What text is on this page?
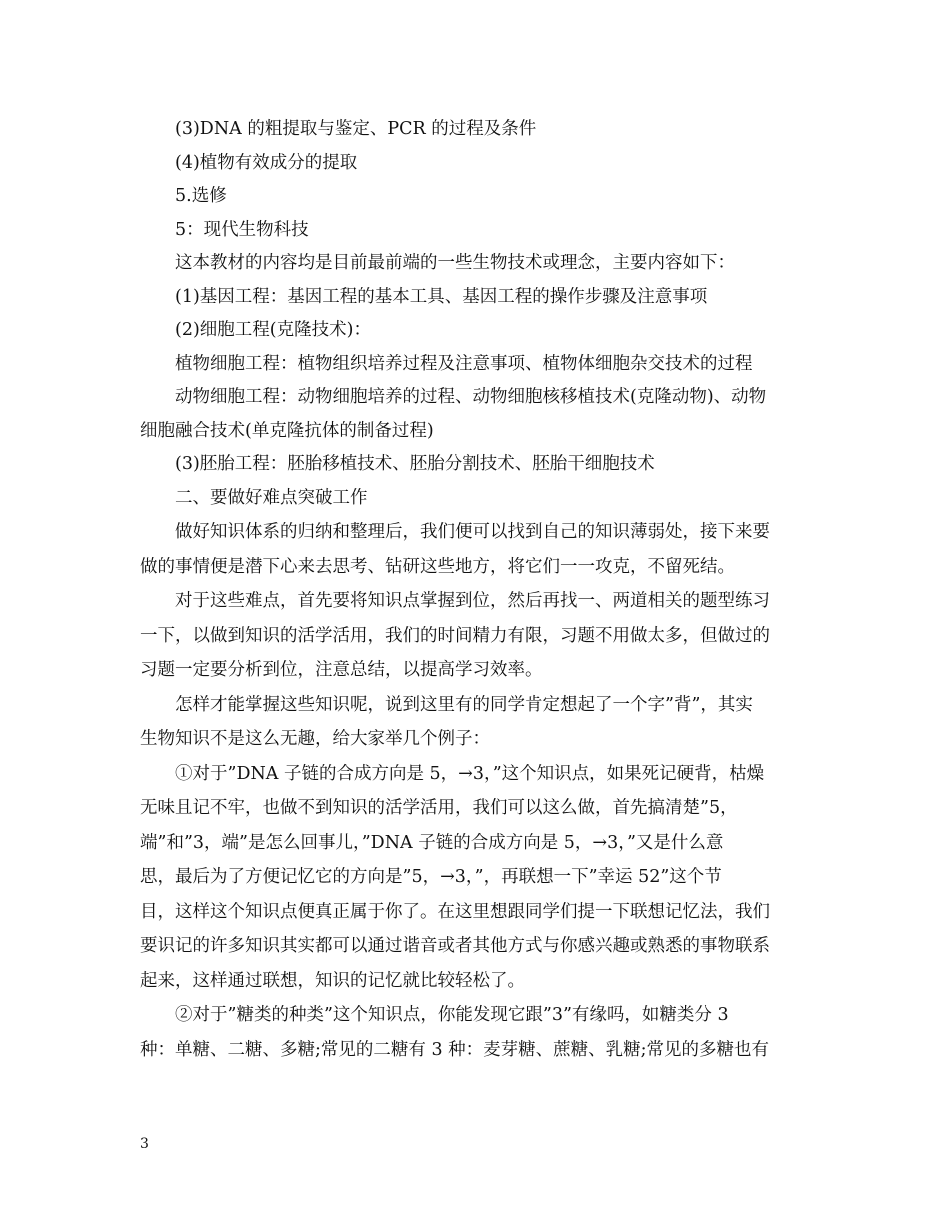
(3)DNA 的粗提取与鉴定、PCR 的过程及条件
(4)植物有效成分的提取
5.选修
5：现代生物科技
这本教材的内容均是目前最前端的一些生物技术或理念，主要内容如下：
(1)基因工程：基因工程的基本工具、基因工程的操作步骤及注意事项
(2)细胞工程(克隆技术)：
植物细胞工程：植物组织培养过程及注意事项、植物体细胞杂交技术的过程
动物细胞工程：动物细胞培养的过程、动物细胞核移植技术(克隆动物)、动物
细胞融合技术(单克隆抗体的制备过程)
(3)胚胎工程：胚胎移植技术、胚胎分割技术、胚胎干细胞技术
二、要做好难点突破工作
做好知识体系的归纳和整理后，我们便可以找到自己的知识薄弱处，接下来要
做的事情便是潜下心来去思考、钻研这些地方，将它们一一攻克，不留死结。
对于这些难点，首先要将知识点掌握到位，然后再找一、两道相关的题型练习
一下，以做到知识的活学活用，我们的时间精力有限，习题不用做太多，但做过的
习题一定要分析到位，注意总结，以提高学习效率。
怎样才能掌握这些知识呢，说到这里有的同学肯定想起了一个字”背”，其实
生物知识不是这么无趣，给大家举几个例子：
①对于”DNA 子链的合成方向是 5，→3，”这个知识点，如果死记硬背，枯燥
无味且记不牢，也做不到知识的活学活用，我们可以这么做，首先搞清楚”5，
端”和”3，端”是怎么回事儿，”DNA 子链的合成方向是 5，→3，”又是什么意
思，最后为了方便记忆它的方向是”5，→3，”，再联想一下”幸运 52”这个节
目，这样这个知识点便真正属于你了。在这里想跟同学们提一下联想记忆法，我们
要识记的许多知识其实都可以通过谐音或者其他方式与你感兴趣或熟悉的事物联系
起来，这样通过联想，知识的记忆就比较轻松了。
②对于”糖类的种类”这个知识点，你能发现它跟”3”有缘吗，如糖类分 3
种：单糖、二糖、多糖;常见的二糖有 3 种：麦芽糖、蔗糖、乳糖;常见的多糖也有
3
